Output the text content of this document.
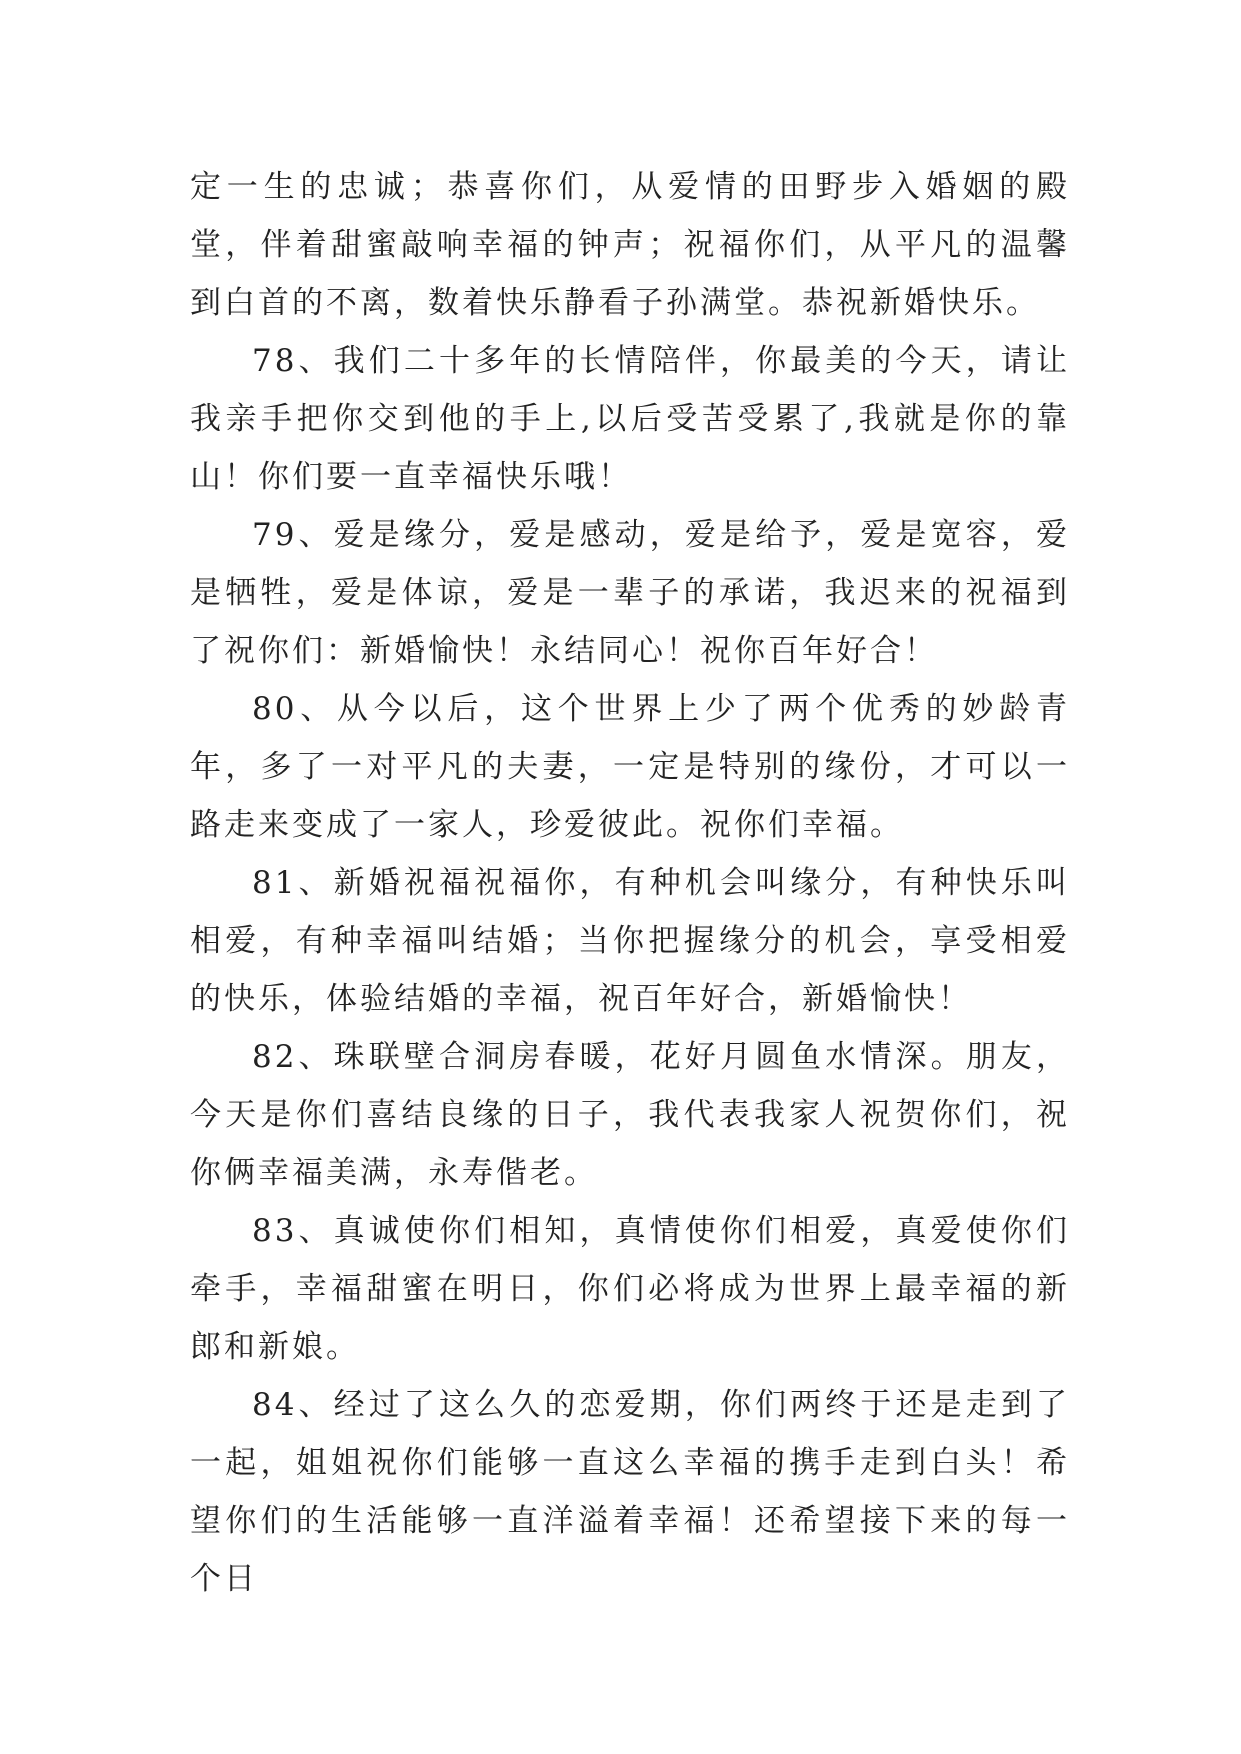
定一生的忠诚；恭喜你们，从爱情的田野步入婚姻的殿堂，伴着甜蜜敲响幸福的钟声；祝福你们，从平凡的温馨到白首的不离，数着快乐静看子孙满堂。恭祝新婚快乐。

78、我们二十多年的长情陪伴，你最美的今天，请让我亲手把你交到他的手上,以后受苦受累了,我就是你的靠山！你们要一直幸福快乐哦！

79、爱是缘分，爱是感动，爱是给予，爱是宽容，爱是牺牲，爱是体谅，爱是一辈子的承诺，我迟来的祝福到了祝你们：新婚愉快！永结同心！祝你百年好合！

80、从今以后，这个世界上少了两个优秀的妙龄青年，多了一对平凡的夫妻，一定是特别的缘份，才可以一路走来变成了一家人，珍爱彼此。祝你们幸福。

81、新婚祝福祝福你，有种机会叫缘分，有种快乐叫相爱，有种幸福叫结婚；当你把握缘分的机会，享受相爱的快乐，体验结婚的幸福，祝百年好合，新婚愉快！

82、珠联壁合洞房春暖，花好月圆鱼水情深。朋友，今天是你们喜结良缘的日子，我代表我家人祝贺你们，祝你俩幸福美满，永寿偕老。

83、真诚使你们相知，真情使你们相爱，真爱使你们牵手，幸福甜蜜在明日，你们必将成为世界上最幸福的新郎和新娘。

84、经过了这么久的恋爱期，你们两终于还是走到了一起，姐姐祝你们能够一直这么幸福的携手走到白头！希望你们的生活能够一直洋溢着幸福！还希望接下来的每一个日
